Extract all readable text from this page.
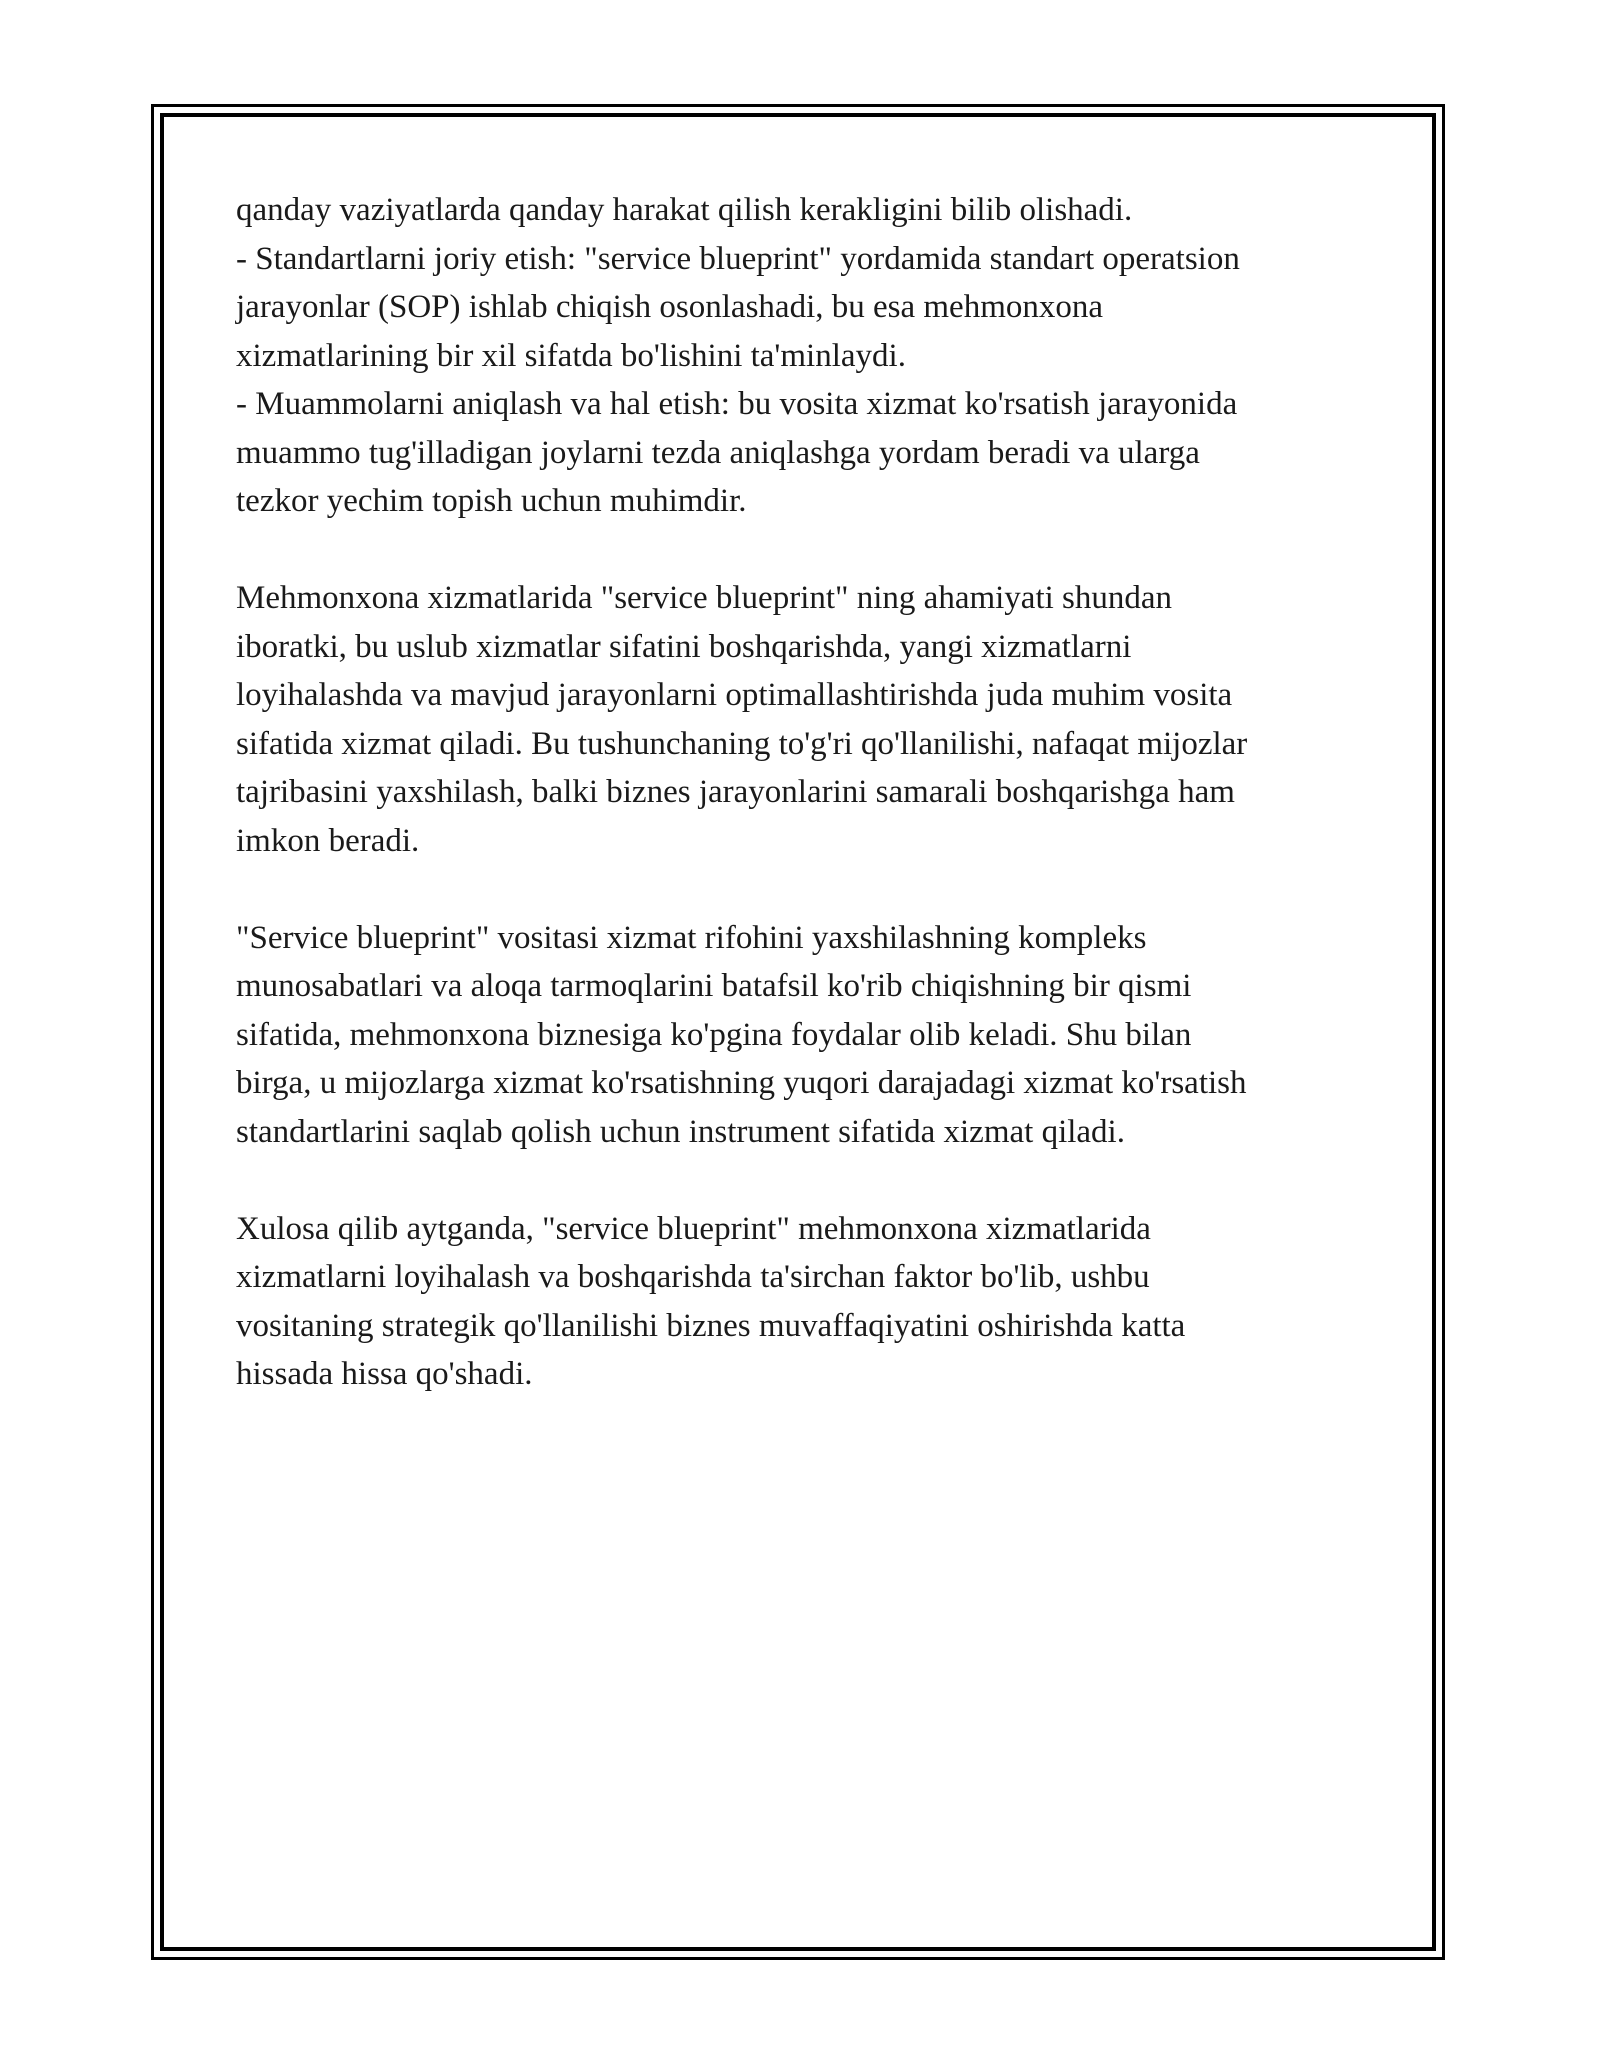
qanday vaziyatlarda qanday harakat qilish kerakligini bilib olishadi.
- Standartlarni joriy etish: "service blueprint" yordamida standart operatsion
jarayonlar (SOP) ishlab chiqish osonlashadi, bu esa mehmonxona
xizmatlarining bir xil sifatda bo'lishini ta'minlaydi.
- Muammolarni aniqlash va hal etish: bu vosita xizmat ko'rsatish jarayonida
muammo tug'illadigan joylarni tezda aniqlashga yordam beradi va ularga
tezkor yechim topish uchun muhimdir.

Mehmonxona xizmatlarida "service blueprint" ning ahamiyati shundan
iboratki, bu uslub xizmatlar sifatini boshqarishda, yangi xizmatlarni
loyihalashda va mavjud jarayonlarni optimallashtirishda juda muhim vosita
sifatida xizmat qiladi. Bu tushunchaning to'g'ri qo'llanilishi, nafaqat mijozlar
tajribasini yaxshilash, balki biznes jarayonlarini samarali boshqarishga ham
imkon beradi.

"Service blueprint" vositasi xizmat rifohini yaxshilashning kompleks
munosabatlari va aloqa tarmoqlarini batafsil ko'rib chiqishning bir qismi
sifatida, mehmonxona biznesiga ko'pgina foydalar olib keladi. Shu bilan
birga, u mijozlarga xizmat ko'rsatishning yuqori darajadagi xizmat ko'rsatish
standartlarini saqlab qolish uchun instrument sifatida xizmat qiladi.

Xulosa qilib aytganda, "service blueprint" mehmonxona xizmatlarida
xizmatlarni loyihalash va boshqarishda ta'sirchan faktor bo'lib, ushbu
vositaning strategik qo'llanilishi biznes muvaffaqiyatini oshirishda katta
hissada hissa qo'shadi.
